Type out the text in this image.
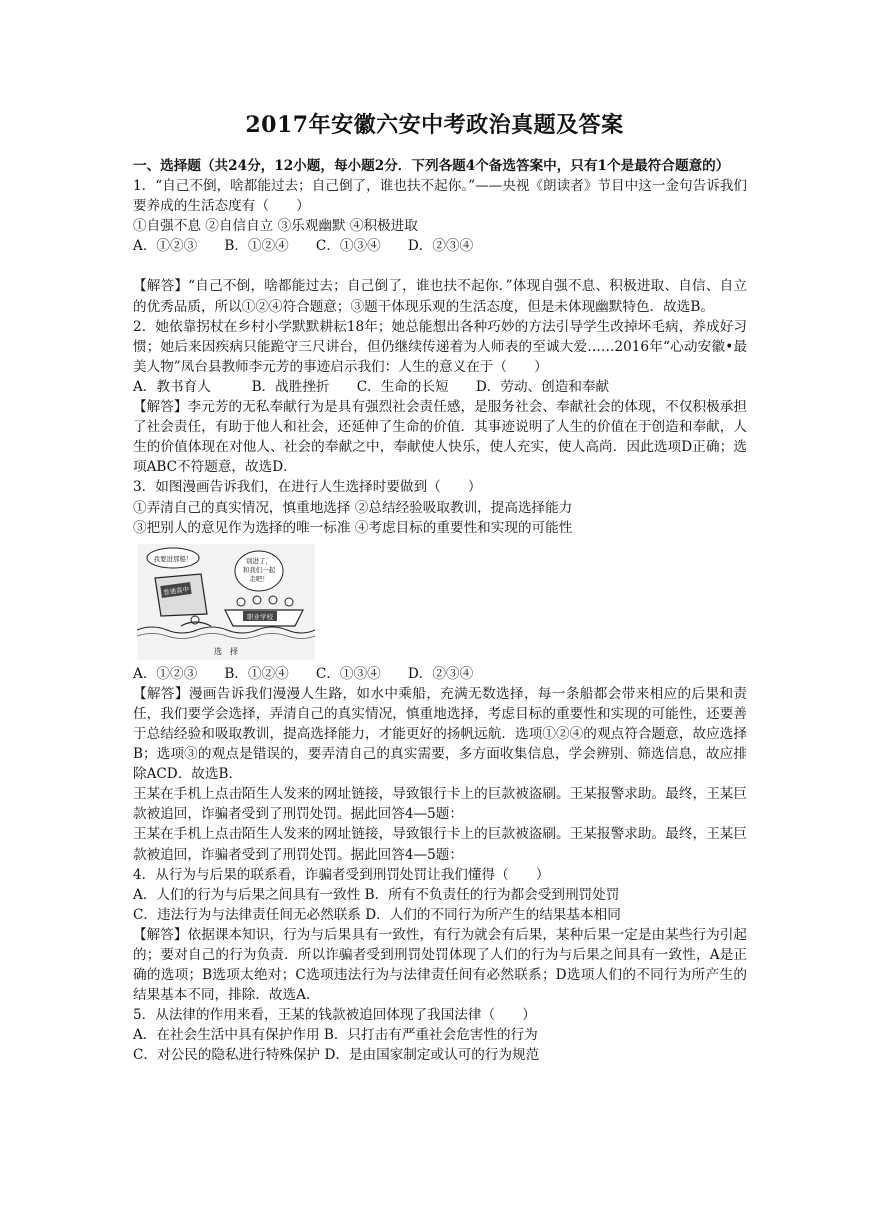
2017年安徽六安中考政治真题及答案

一、选择题（共24分，12小题，每小题2分．下列各题4个备选答案中，只有1个是最符合题意的）

1．“自己不倒，啥都能过去；自己倒了，谁也扶不起你。”——央视《朗读者》节目中这一金句告诉我们要养成的生活态度有（　　）

①自强不息 ②自信自立 ③乐观幽默 ④积极进取

A．①②③　　B．①②④　　C．①③④　　D．②③④

【解答】“自己不倒，啥都能过去；自己倒了，谁也扶不起你．”体现自强不息、积极进取、自信、自立的优秀品质，所以①②④符合题意；③题干体现乐观的生活态度，但是未体现幽默特色．故选B。

2．她依靠拐杖在乡村小学默默耕耘18年；她总能想出各种巧妙的方法引导学生改掉坏毛病，养成好习惯；她后来因疾病只能跪守三尺讲台，但仍继续传递着为人师表的至诚大爱……2016年“心动安徽•最美人物”凤台县教师李元芳的事迹启示我们：人生的意义在于（　　）

A．教书育人　　　B．战胜挫折　　C．生命的长短　　D．劳动、创造和奉献

【解答】李元芳的无私奉献行为是具有强烈社会责任感，是服务社会、奉献社会的体现，不仅积极承担了社会责任，有助于他人和社会，还延伸了生命的价值．其事迹说明了人生的价值在于创造和奉献，人生的价值体现在对他人、社会的奉献之中，奉献使人快乐，使人充实，使人高尚．因此选项D正确；选项ABC不符题意，故选D．

3．如图漫画告诉我们，在进行人生选择时要做到（　　）

①弄清自己的真实情况，慎重地选择 ②总结经验吸取教训，提高选择能力

③把别人的意见作为选择的唯一标准 ④考虑目标的重要性和实现的可能性

我要进那船！	别进了，
和我们一起
走吧！
普通高中
职业学校
选　择

A．①②③　　B．①②④　　C．①③④　　D．②③④

【解答】漫画告诉我们漫漫人生路，如水中乘船，充满无数选择，每一条船都会带来相应的后果和责任，我们要学会选择，弄清自己的真实情况，慎重地选择，考虑目标的重要性和实现的可能性，还要善于总结经验和吸取教训，提高选择能力，才能更好的扬帆远航．选项①②④的观点符合题意，故应选择B；选项③的观点是错误的，要弄清自己的真实需要，多方面收集信息，学会辨别、筛选信息，故应排除ACD．故选B．

王某在手机上点击陌生人发来的网址链接，导致银行卡上的巨款被盗刷。王某报警求助。最终，王某巨款被追回，诈骗者受到了刑罚处罚。据此回答4—5题：

王某在手机上点击陌生人发来的网址链接，导致银行卡上的巨款被盗刷。王某报警求助。最终，王某巨款被追回，诈骗者受到了刑罚处罚。据此回答4—5题：

4．从行为与后果的联系看，诈骗者受到刑罚处罚让我们懂得（　　）

A．人们的行为与后果之间具有一致性 B．所有不负责任的行为都会受到刑罚处罚

C．违法行为与法律责任间无必然联系 D．人们的不同行为所产生的结果基本相同

【解答】依据课本知识，行为与后果具有一致性，有行为就会有后果，某种后果一定是由某些行为引起的；要对自己的行为负责．所以诈骗者受到刑罚处罚体现了人们的行为与后果之间具有一致性，A是正确的选项；B选项太绝对；C选项违法行为与法律责任间有必然联系；D选项人们的不同行为所产生的结果基本不同，排除．故选A．

5．从法律的作用来看，王某的钱款被追回体现了我国法律（　　）

A．在社会生活中具有保护作用 B．只打击有严重社会危害性的行为

C．对公民的隐私进行特殊保护 D．是由国家制定或认可的行为规范
